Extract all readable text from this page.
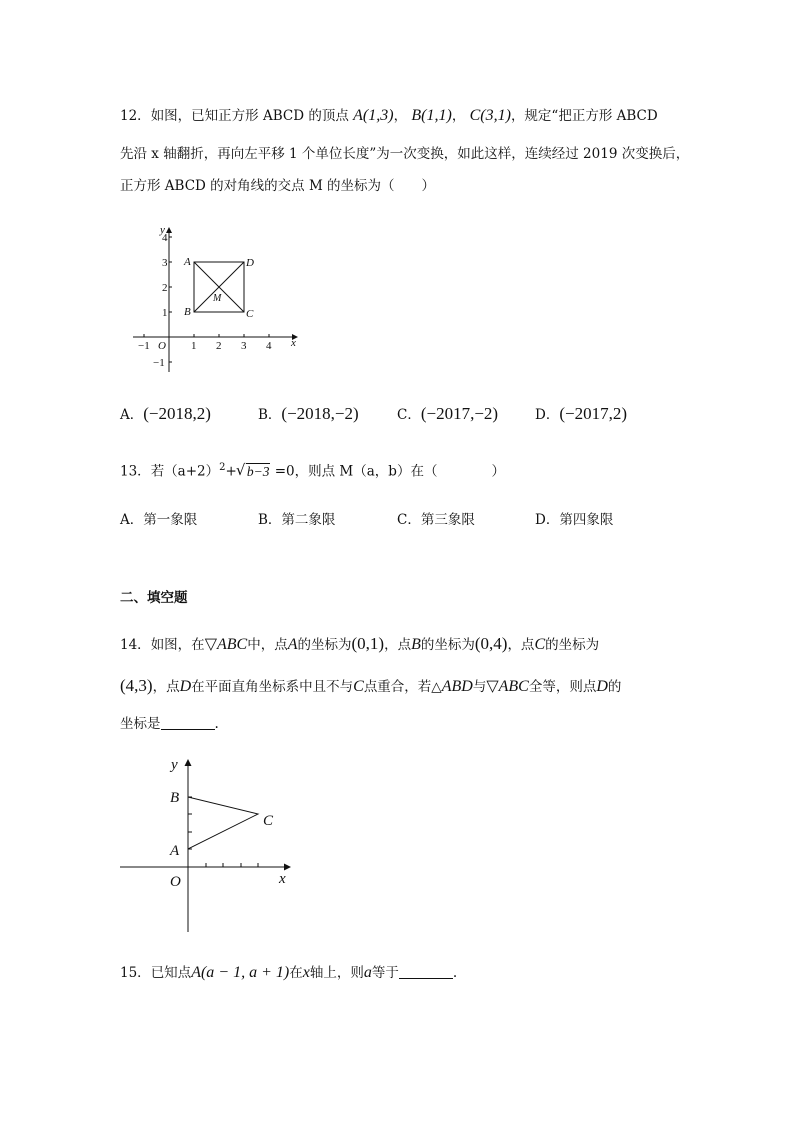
12．如图，已知正方形 ABCD 的顶点 A(1,3)， B(1,1)， C(3,1)，规定“把正方形 ABCD
先沿 x 轴翻折，再向左平移 1 个单位长度”为一次变换，如此这样，连续经过 2019 次变换后，
正方形 ABCD 的对角线的交点 M 的坐标为（　　）
−1	1 2 3 4
−1
1
2
3
4
O	x
y
A
B	C
D
M
A．(−2018,2)	B．(−2018,−2)	C．(−2017,−2)	D．(−2017,2)
13．若$(a+2)^2+√$ b−3 =0，则点 M（a，b）在（　　　　）
A．第一象限	B．第二象限	C．第三象限	D．第四象限
二、填空题
14．如图，在▽ABC中，点A的坐标为(0,1)，点B的坐标为(0,4)，点C的坐标为
(4,3)，点D在平面直角坐标系中且不与C点重合，若△ABD与▽ABC全等，则点D的
坐标是	.
y
B
C
A
O	x
15．已知点A(a − 1, a + 1)在x轴上，则a等于	.
